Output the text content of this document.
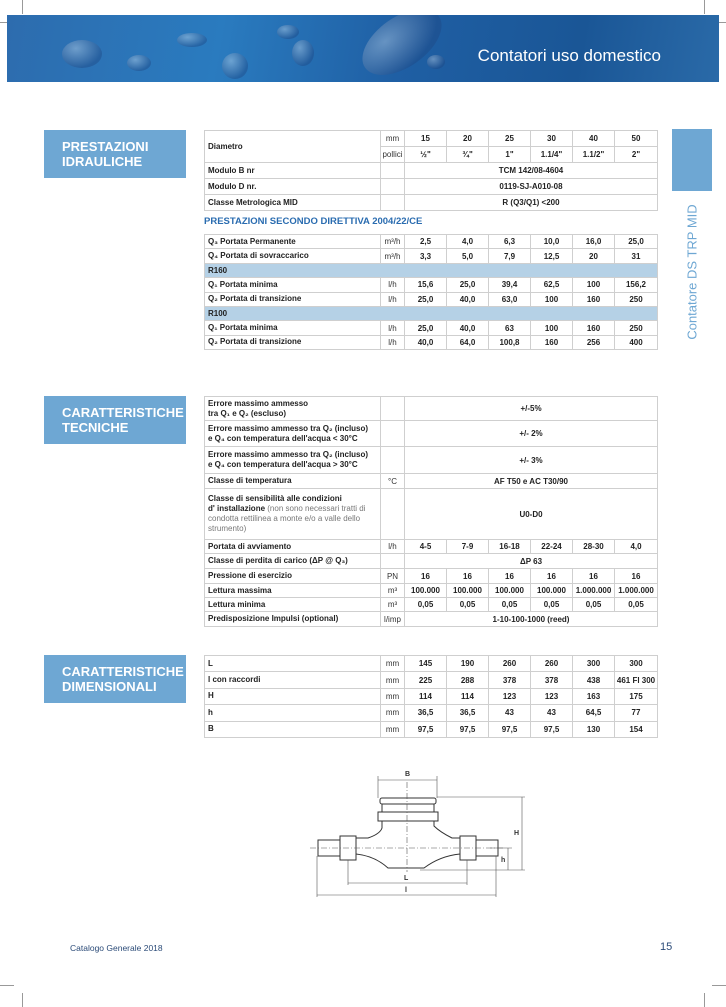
Contatori uso domestico
Contatore DS TRP MID
PRESTAZIONI IDRAULICHE
CARATTERISTICHE TECNICHE
CARATTERISTICHE DIMENSIONALI
Diametro	mm	15	20	25	30	40	50
	pollici	½"	¾"	1"	1.1/4"	1.1/2"	2"
Modulo B nr		TCM 142/08-4604					
Modulo D nr.		0119-SJ-A010-08					
Classe Metrologica MID		R (Q3/Q1) <200					
PRESTAZIONI SECONDO DIRETTIVA 2004/22/CE
Q₃ Portata Permanente	m³/h	2,5	4,0	6,3	10,0	16,0	25,0
Q₄ Portata di sovraccarico	m³/h	3,3	5,0	7,9	12,5	20	31
R160							
Q₁ Portata minima	l/h	15,6	25,0	39,4	62,5	100	156,2
Q₂ Portata di transizione	l/h	25,0	40,0	63,0	100	160	250
R100							
Q₁ Portata minima	l/h	25,0	40,0	63	100	160	250
Q₂ Portata di transizione	l/h	40,0	64,0	100,8	160	256	400
Errore massimo ammesso
tra Q₁ e Q₂ (escluso)		+/-5%					
Errore massimo ammesso tra Q₂ (incluso)
e Q₄ con temperatura dell'acqua < 30°C		+/- 2%					
Errore massimo ammesso tra Q₂ (incluso)
e Q₄ con temperatura dell'acqua > 30°C		+/- 3%					
Classe di temperatura	°C	AF T50 e AC T30/90					
Classe di sensibilità alle condizioni
d' installazione (non sono necessari tratti di condotta rettilinea a monte e/o a valle dello strumento)		U0-D0					
Portata di avviamento	l/h	4-5	7-9	16-18	22-24	28-30	4,0
Classe di perdita di carico (ΔP @ Q₃)		ΔP 63					
Pressione di esercizio	PN	16	16	16	16	16	16
Lettura massima	m³	100.000	100.000	100.000	100.000	1.000.000	1.000.000
Lettura minima	m³	0,05	0,05	0,05	0,05	0,05	0,05
Predisposizione Impulsi (optional)	l/imp	1-10-100-1000 (reed)					
L	mm	145	190	260	260	300	300
l con raccordi	mm	225	288	378	378	438	461 Fl 300
H	mm	114	114	123	123	163	175
h	mm	36,5	36,5	43	43	64,5	77
B	mm	97,5	97,5	97,5	97,5	130	154
B
H
h
L
l
Catalogo Generale 2018	15
